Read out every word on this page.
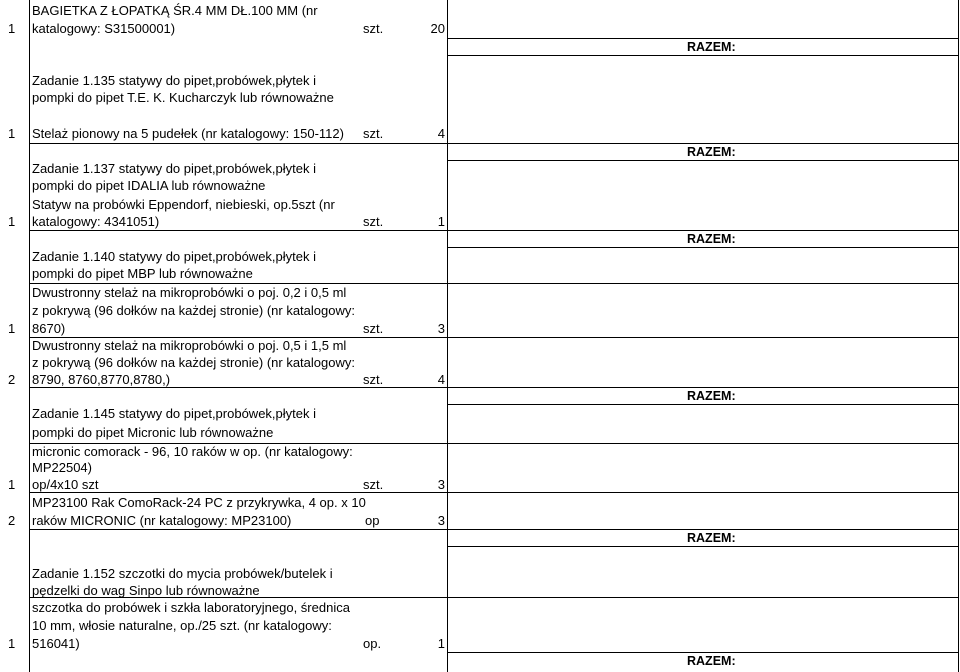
BAGIETKA Z ŁOPATKĄ ŚR.4 MM DŁ.100 MM (nr
1 katalogowy: S31500001)	szt.	20
RAZEM:
Zadanie 1.135 statywy do pipet,probówek,płytek i
pompki do pipet T.E. K. Kucharczyk lub równoważne
1 Stelaż pionowy na 5 pudełek (nr katalogowy: 150-112) szt.	4
RAZEM:
Zadanie 1.137 statywy do pipet,probówek,płytek i
pompki do pipet IDALIA lub równoważne
Statyw na probówki Eppendorf, niebieski, op.5szt (nr
1 katalogowy: 4341051)	szt.	1
RAZEM:
Zadanie 1.140 statywy do pipet,probówek,płytek i
pompki do pipet MBP lub równoważne
Dwustronny stelaż na mikroprobówki o poj. 0,2 i 0,5 ml
z pokrywą (96 dołków na każdej stronie) (nr katalogowy:
1 8670)	szt.	3
Dwustronny stelaż na mikroprobówki o poj. 0,5 i 1,5 ml
z pokrywą (96 dołków na każdej stronie) (nr katalogowy:
2 8790, 8760,8770,8780,)	szt.	4
RAZEM:
Zadanie 1.145 statywy do pipet,probówek,płytek i
pompki do pipet Micronic lub równoważne
micronic comorack - 96, 10 raków w op. (nr katalogowy:
MP22504)
1 op/4x10 szt	szt.	3
MP23100 Rak ComoRack-24 PC z przykrywka, 4 op. x 10
2 raków MICRONIC (nr katalogowy: MP23100)	op	3
RAZEM:
Zadanie 1.152 szczotki do mycia probówek/butelek i
pędzelki do wag Sinpo lub równoważne
szczotka do probówek i szkła laboratoryjnego, średnica
10 mm, włosie naturalne, op./25 szt. (nr katalogowy:
1 516041)	op.	1
RAZEM:
